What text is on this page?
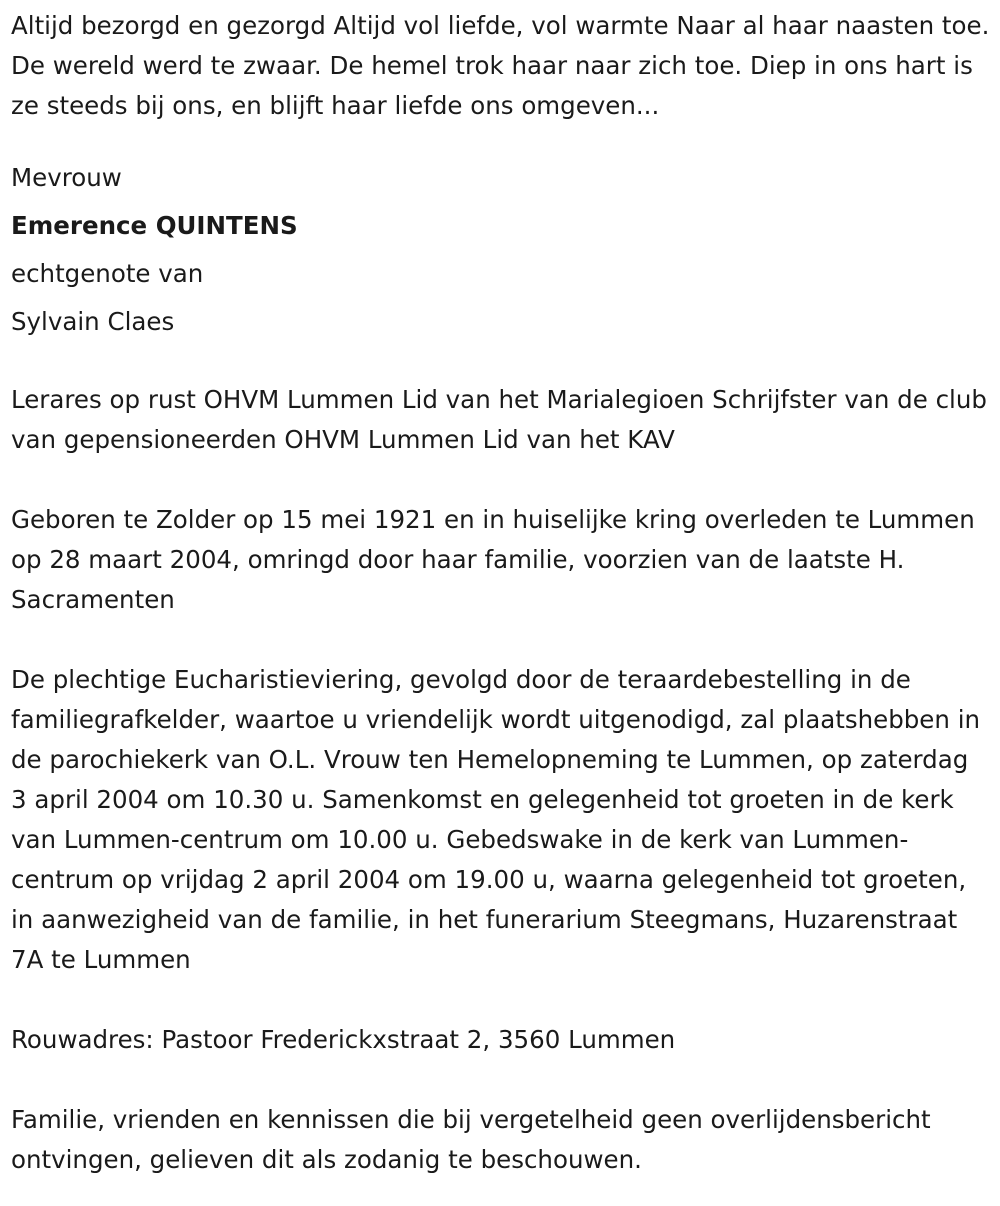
Altijd bezorgd en gezorgd Altijd vol liefde, vol warmte Naar al haar naasten toe. De wereld werd te zwaar. De hemel trok haar naar zich toe. Diep in ons hart is ze steeds bij ons, en blijft haar liefde ons omgeven...

Mevrouw
Emerence QUINTENS
echtgenote van
Sylvain Claes

Lerares op rust OHVM Lummen Lid van het Marialegioen Schrijfster van de club van gepensioneerden OHVM Lummen Lid van het KAV

Geboren te Zolder op 15 mei 1921 en in huiselijke kring overleden te Lummen op 28 maart 2004, omringd door haar familie, voorzien van de laatste H. Sacramenten

De plechtige Eucharistieviering, gevolgd door de teraardebestelling in de familiegrafkelder, waartoe u vriendelijk wordt uitgenodigd, zal plaatshebben in de parochiekerk van O.L. Vrouw ten Hemelopneming te Lummen, op zaterdag 3 april 2004 om 10.30 u. Samenkomst en gelegenheid tot groeten in de kerk van Lummen-centrum om 10.00 u. Gebedswake in de kerk van Lummen-centrum op vrijdag 2 april 2004 om 19.00 u, waarna gelegenheid tot groeten, in aanwezigheid van de familie, in het funerarium Steegmans, Huzarenstraat 7A te Lummen

Rouwadres: Pastoor Frederickxstraat 2, 3560 Lummen

Familie, vrienden en kennissen die bij vergetelheid geen overlijdensbericht ontvingen, gelieven dit als zodanig te beschouwen.
